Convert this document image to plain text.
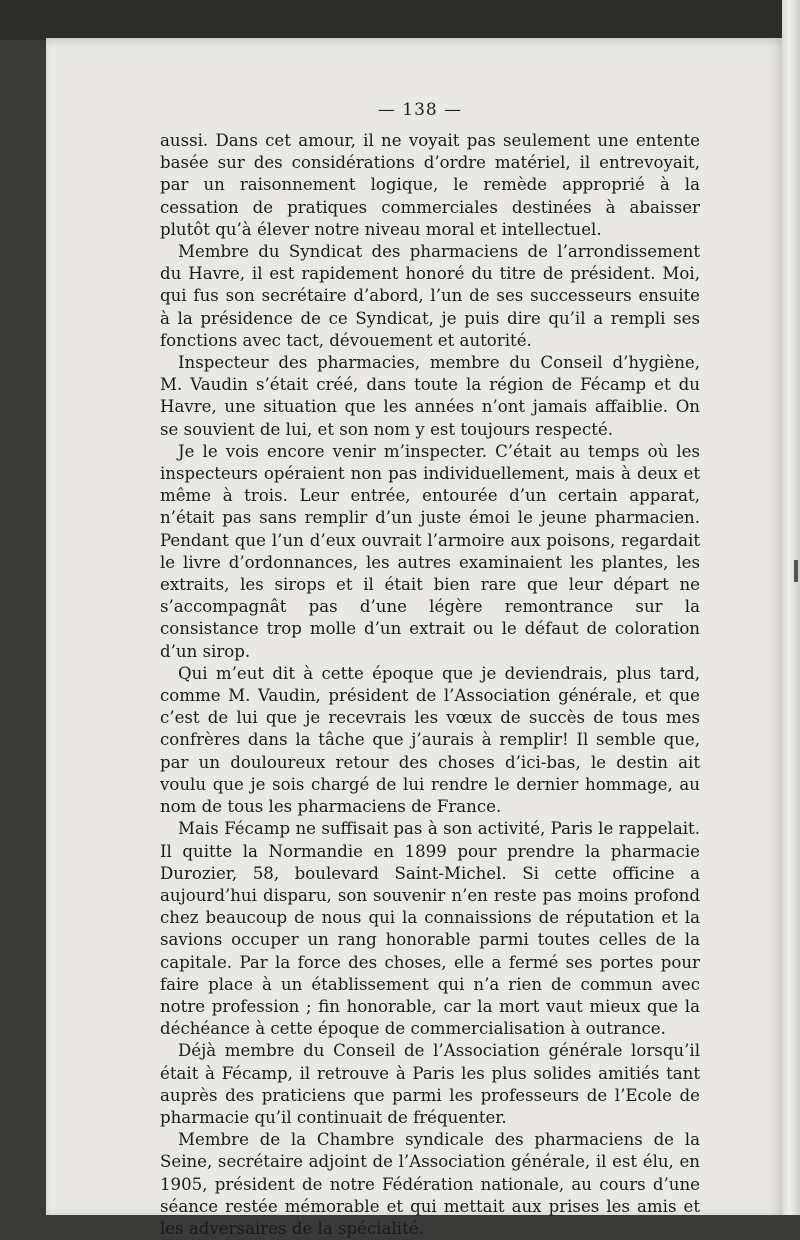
— 138 —

aussi. Dans cet amour, il ne voyait pas seulement une entente basée sur des considérations d’ordre matériel, il entrevoyait, par un raisonnement logique, le remède approprié à la cessation de pratiques commerciales destinées à abaisser plutôt qu’à élever notre niveau moral et intellectuel.

Membre du Syndicat des pharmaciens de l’arrondissement du Havre, il est rapidement honoré du titre de président. Moi, qui fus son secrétaire d’abord, l’un de ses successeurs ensuite à la présidence de ce Syndicat, je puis dire qu’il a rempli ses fonctions avec tact, dévouement et autorité.

Inspecteur des pharmacies, membre du Conseil d’hygiène, M. Vaudin s’était créé, dans toute la région de Fécamp et du Havre, une situation que les années n’ont jamais affaiblie. On se souvient de lui, et son nom y est toujours respecté.

Je le vois encore venir m’inspecter. C’était au temps où les inspecteurs opéraient non pas individuellement, mais à deux et même à trois. Leur entrée, entourée d’un certain apparat, n’était pas sans remplir d’un juste émoi le jeune pharmacien. Pendant que l’un d’eux ouvrait l’armoire aux poisons, regardait le livre d’ordonnances, les autres examinaient les plantes, les extraits, les sirops et il était bien rare que leur départ ne s’accompagnât pas d’une légère remontrance sur la consistance trop molle d’un extrait ou le défaut de coloration d’un sirop.

Qui m’eut dit à cette époque que je deviendrais, plus tard, comme M. Vaudin, président de l’Association générale, et que c’est de lui que je recevrais les vœux de succès de tous mes confrères dans la tâche que j’aurais à remplir! Il semble que, par un douloureux retour des choses d’ici-bas, le destin ait voulu que je sois chargé de lui rendre le dernier hommage, au nom de tous les pharmaciens de France.

Mais Fécamp ne suffisait pas à son activité, Paris le rappelait. Il quitte la Normandie en 1899 pour prendre la pharmacie Durozier, 58, boulevard Saint-Michel. Si cette officine a aujourd’hui disparu, son souvenir n’en reste pas moins profond chez beaucoup de nous qui la connaissions de réputation et la savions occuper un rang honorable parmi toutes celles de la capitale. Par la force des choses, elle a fermé ses portes pour faire place à un établissement qui n’a rien de commun avec notre profession ; fin honorable, car la mort vaut mieux que la déchéance à cette époque de commercialisation à outrance.

Déjà membre du Conseil de l’Association générale lorsqu’il était à Fécamp, il retrouve à Paris les plus solides amitiés tant auprès des praticiens que parmi les professeurs de l’Ecole de pharmacie qu’il continuait de fréquenter.

Membre de la Chambre syndicale des pharmaciens de la Seine, secrétaire adjoint de l’Association générale, il est élu, en 1905, président de notre Fédération nationale, au cours d’une séance restée mémorable et qui mettait aux prises les amis et les adversaires de la spécialité.
